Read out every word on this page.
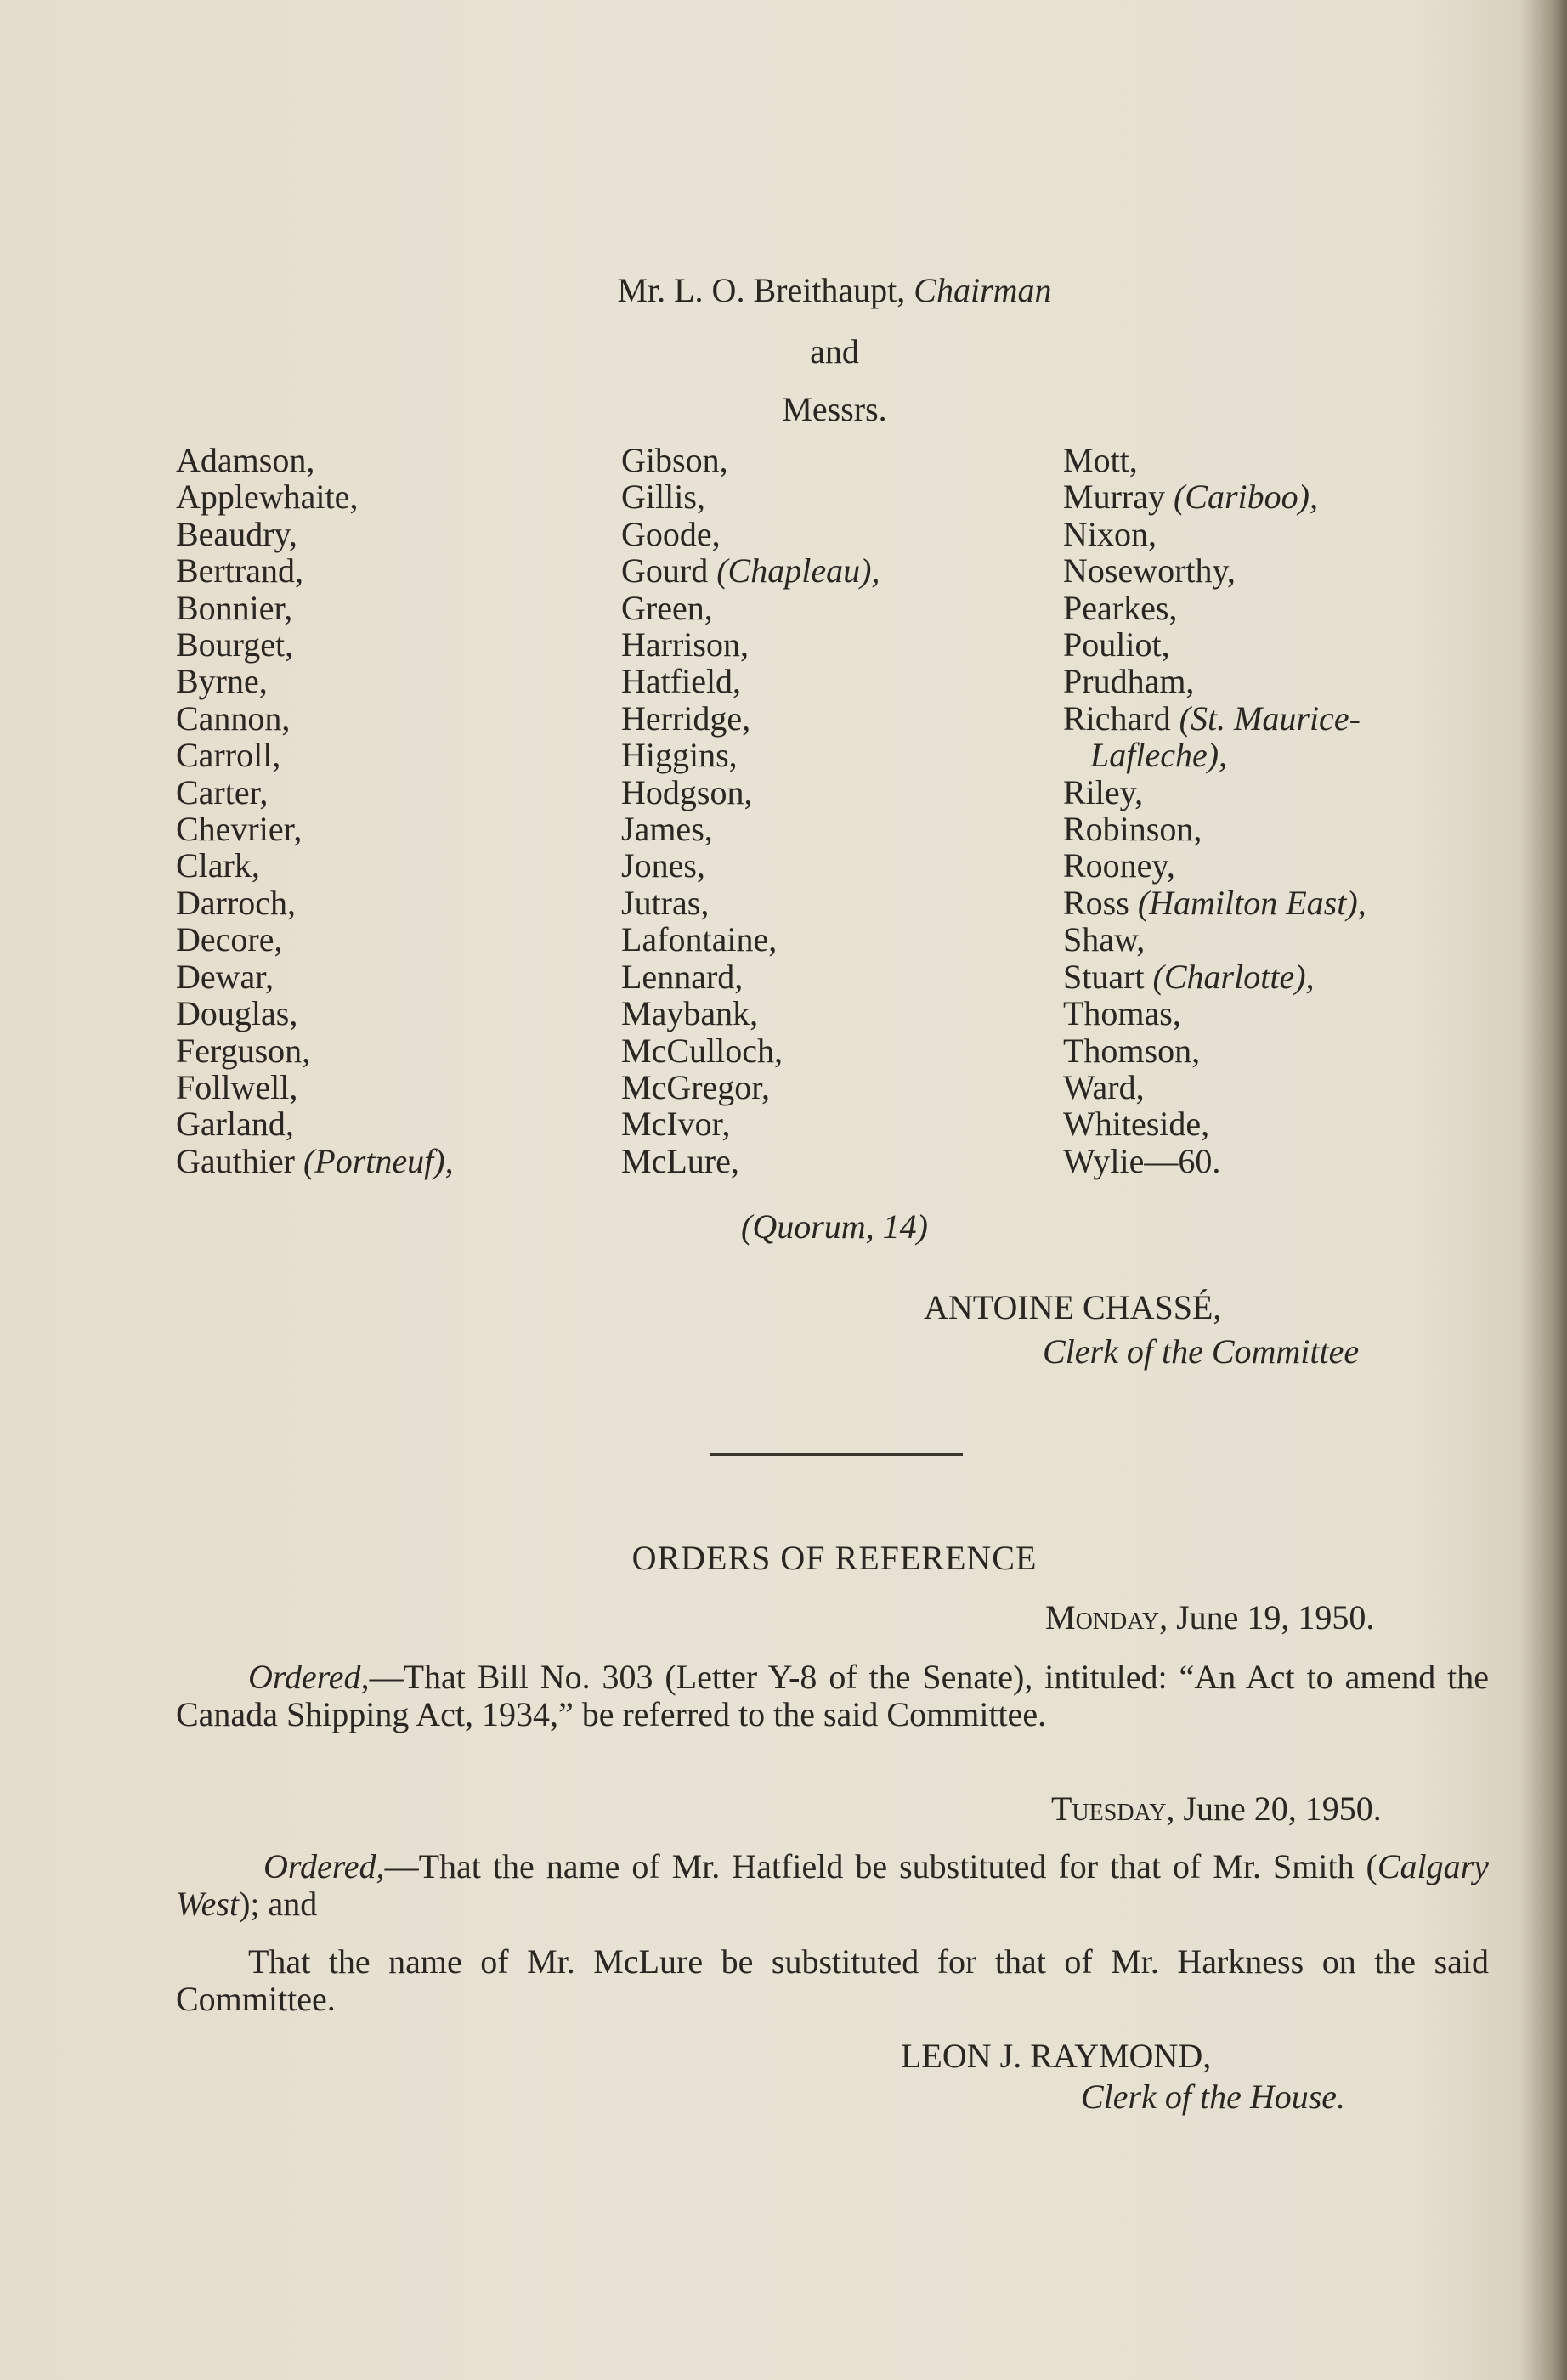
Mr. L. O. Breithaupt, Chairman
and
Messrs.
Adamson,
Applewhaite,
Beaudry,
Bertrand,
Bonnier,
Bourget,
Byrne,
Cannon,
Carroll,
Carter,
Chevrier,
Clark,
Darroch,
Decore,
Dewar,
Douglas,
Ferguson,
Follwell,
Garland,
Gauthier (Portneuf),
Gibson,
Gillis,
Goode,
Gourd (Chapleau),
Green,
Harrison,
Hatfield,
Herridge,
Higgins,
Hodgson,
James,
Jones,
Jutras,
Lafontaine,
Lennard,
Maybank,
McCulloch,
McGregor,
McIvor,
McLure,
Mott,
Murray (Cariboo),
Nixon,
Noseworthy,
Pearkes,
Pouliot,
Prudham,
Richard (St. Maurice-
Lafleche),
Riley,
Robinson,
Rooney,
Ross (Hamilton East),
Shaw,
Stuart (Charlotte),
Thomas,
Thomson,
Ward,
Whiteside,
Wylie—60.
(Quorum, 14)
ANTOINE CHASSÉ,
Clerk of the Committee
ORDERS OF REFERENCE
Monday, June 19, 1950.
Ordered,—That Bill No. 303 (Letter Y-8 of the Senate), intituled: “An Act to amend the Canada Shipping Act, 1934,” be referred to the said Committee.
Tuesday, June 20, 1950.
Ordered,—That the name of Mr. Hatfield be substituted for that of Mr. Smith (Calgary West); and
That the name of Mr. McLure be substituted for that of Mr. Harkness on the said Committee.
LEON J. RAYMOND,
Clerk of the House.
